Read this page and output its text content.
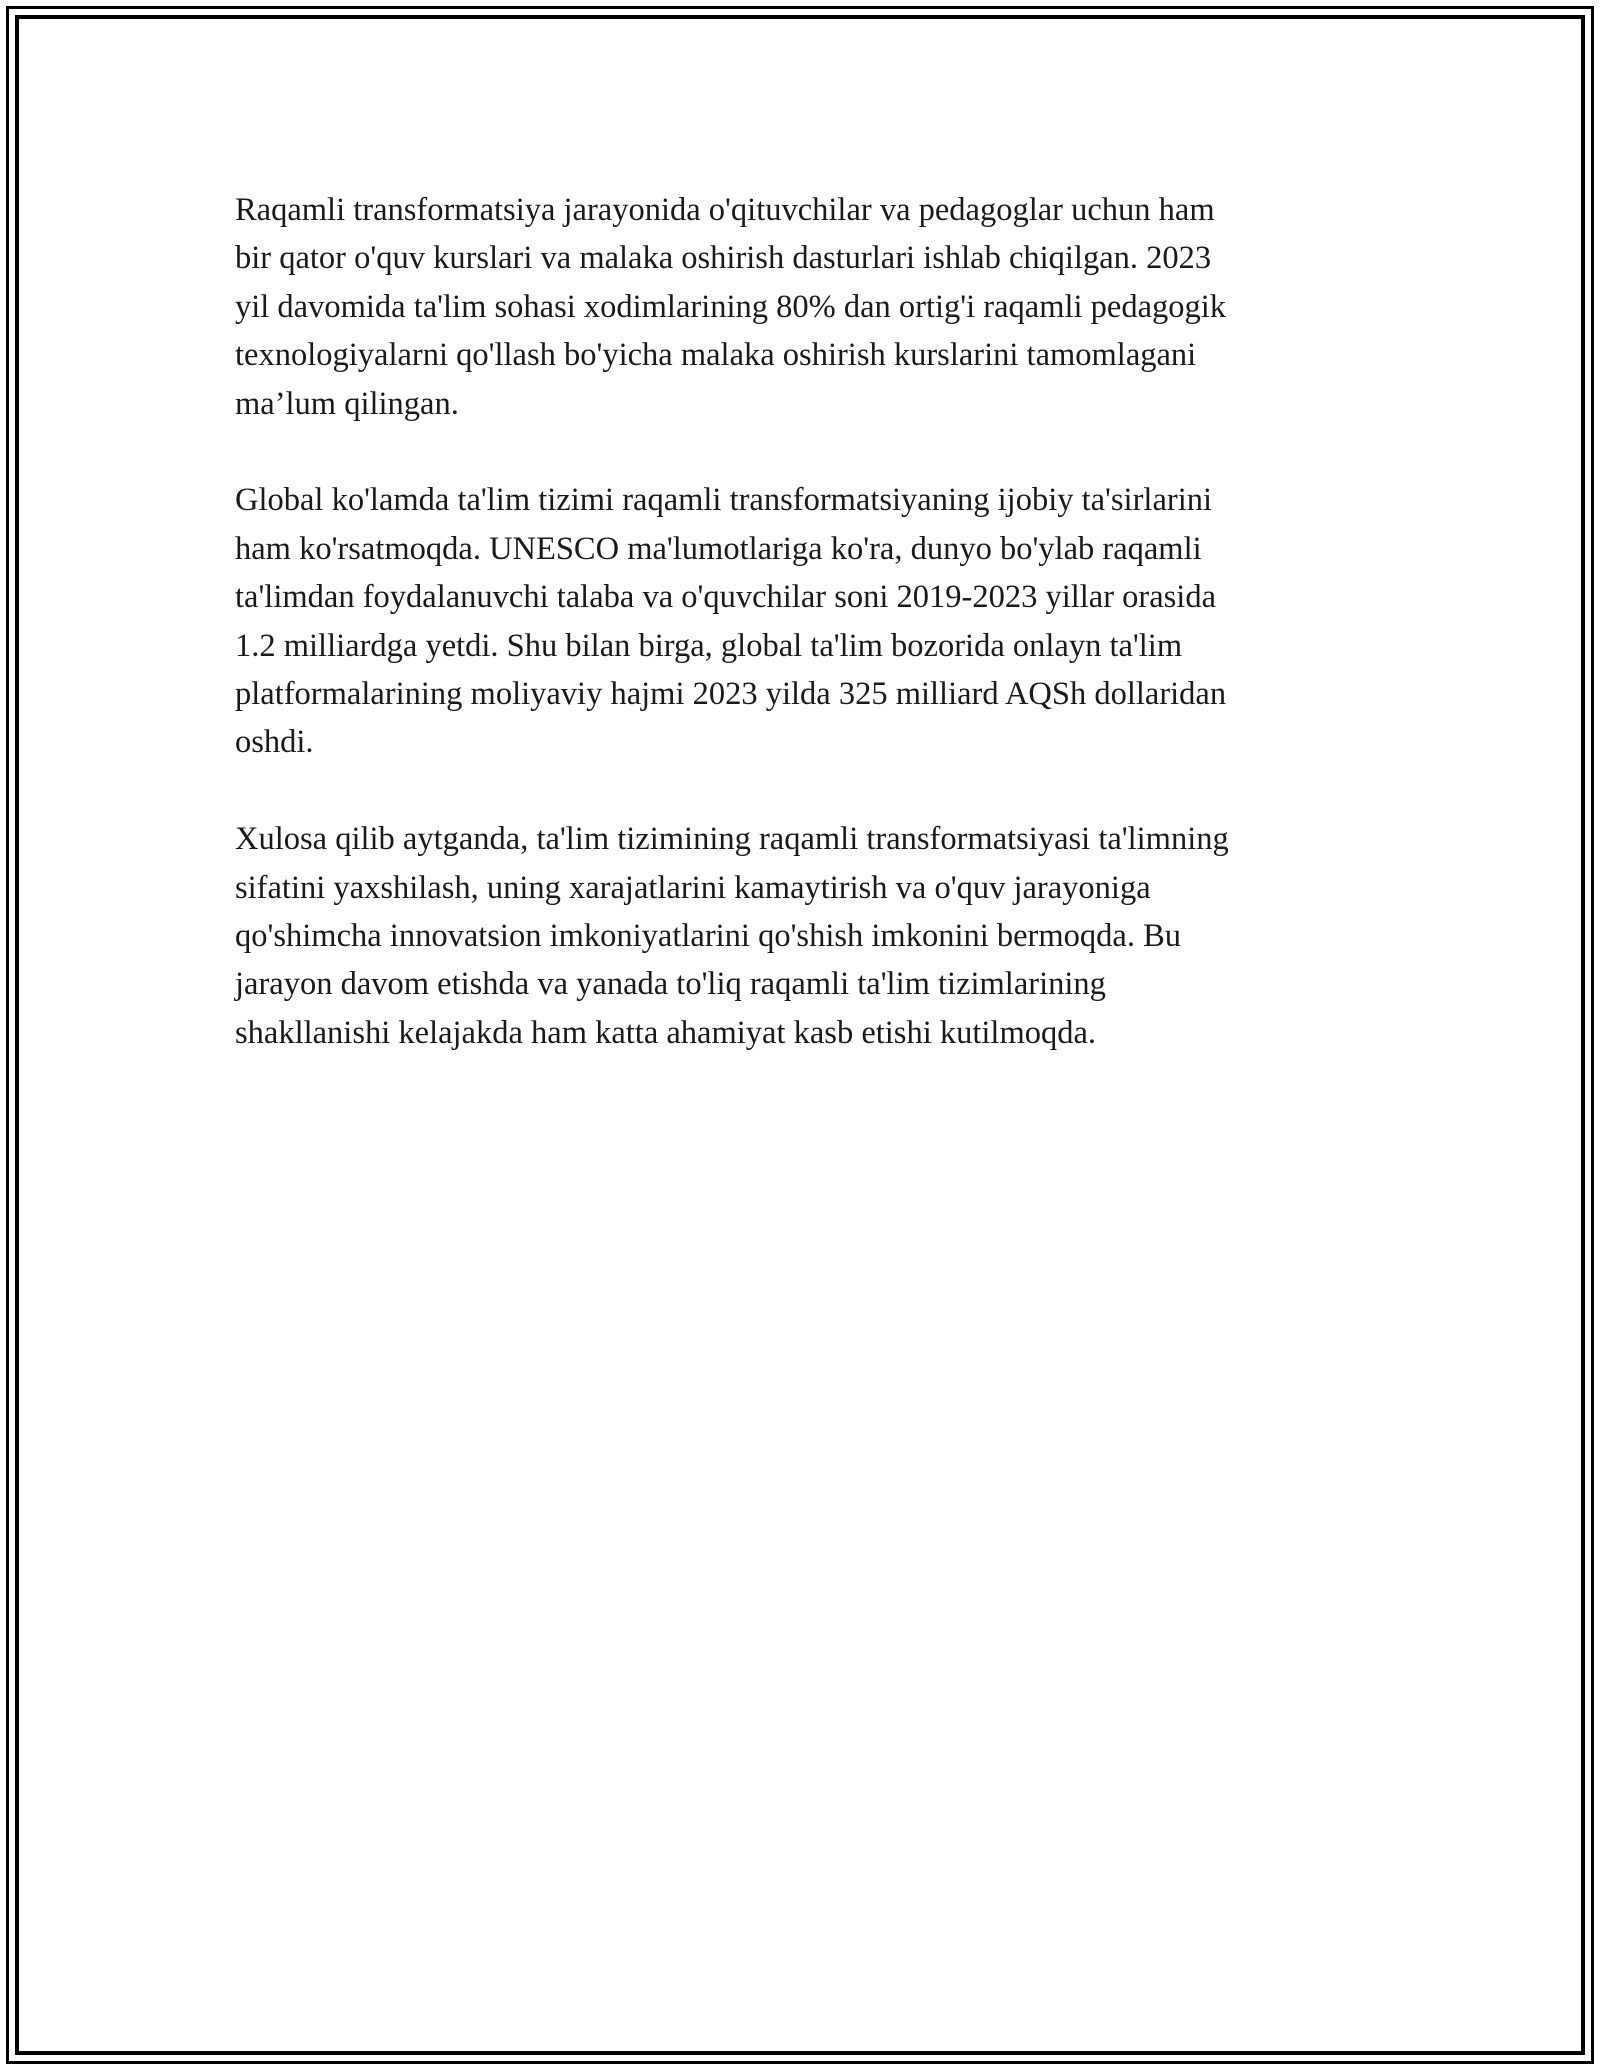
Raqamli transformatsiya jarayonida o'qituvchilar va pedagoglar uchun ham
bir qator o'quv kurslari va malaka oshirish dasturlari ishlab chiqilgan. 2023
yil davomida ta'lim sohasi xodimlarining 80% dan ortig'i raqamli pedagogik
texnologiyalarni qo'llash bo'yicha malaka oshirish kurslarini tamomlagani
ma’lum qilingan.

Global ko'lamda ta'lim tizimi raqamli transformatsiyaning ijobiy ta'sirlarini
ham ko'rsatmoqda. UNESCO ma'lumotlariga ko'ra, dunyo bo'ylab raqamli
ta'limdan foydalanuvchi talaba va o'quvchilar soni 2019-2023 yillar orasida
1.2 milliardga yetdi. Shu bilan birga, global ta'lim bozorida onlayn ta'lim
platformalarining moliyaviy hajmi 2023 yilda 325 milliard AQSh dollaridan
oshdi.

Xulosa qilib aytganda, ta'lim tizimining raqamli transformatsiyasi ta'limning
sifatini yaxshilash, uning xarajatlarini kamaytirish va o'quv jarayoniga
qo'shimcha innovatsion imkoniyatlarini qo'shish imkonini bermoqda. Bu
jarayon davom etishda va yanada to'liq raqamli ta'lim tizimlarining
shakllanishi kelajakda ham katta ahamiyat kasb etishi kutilmoqda.
